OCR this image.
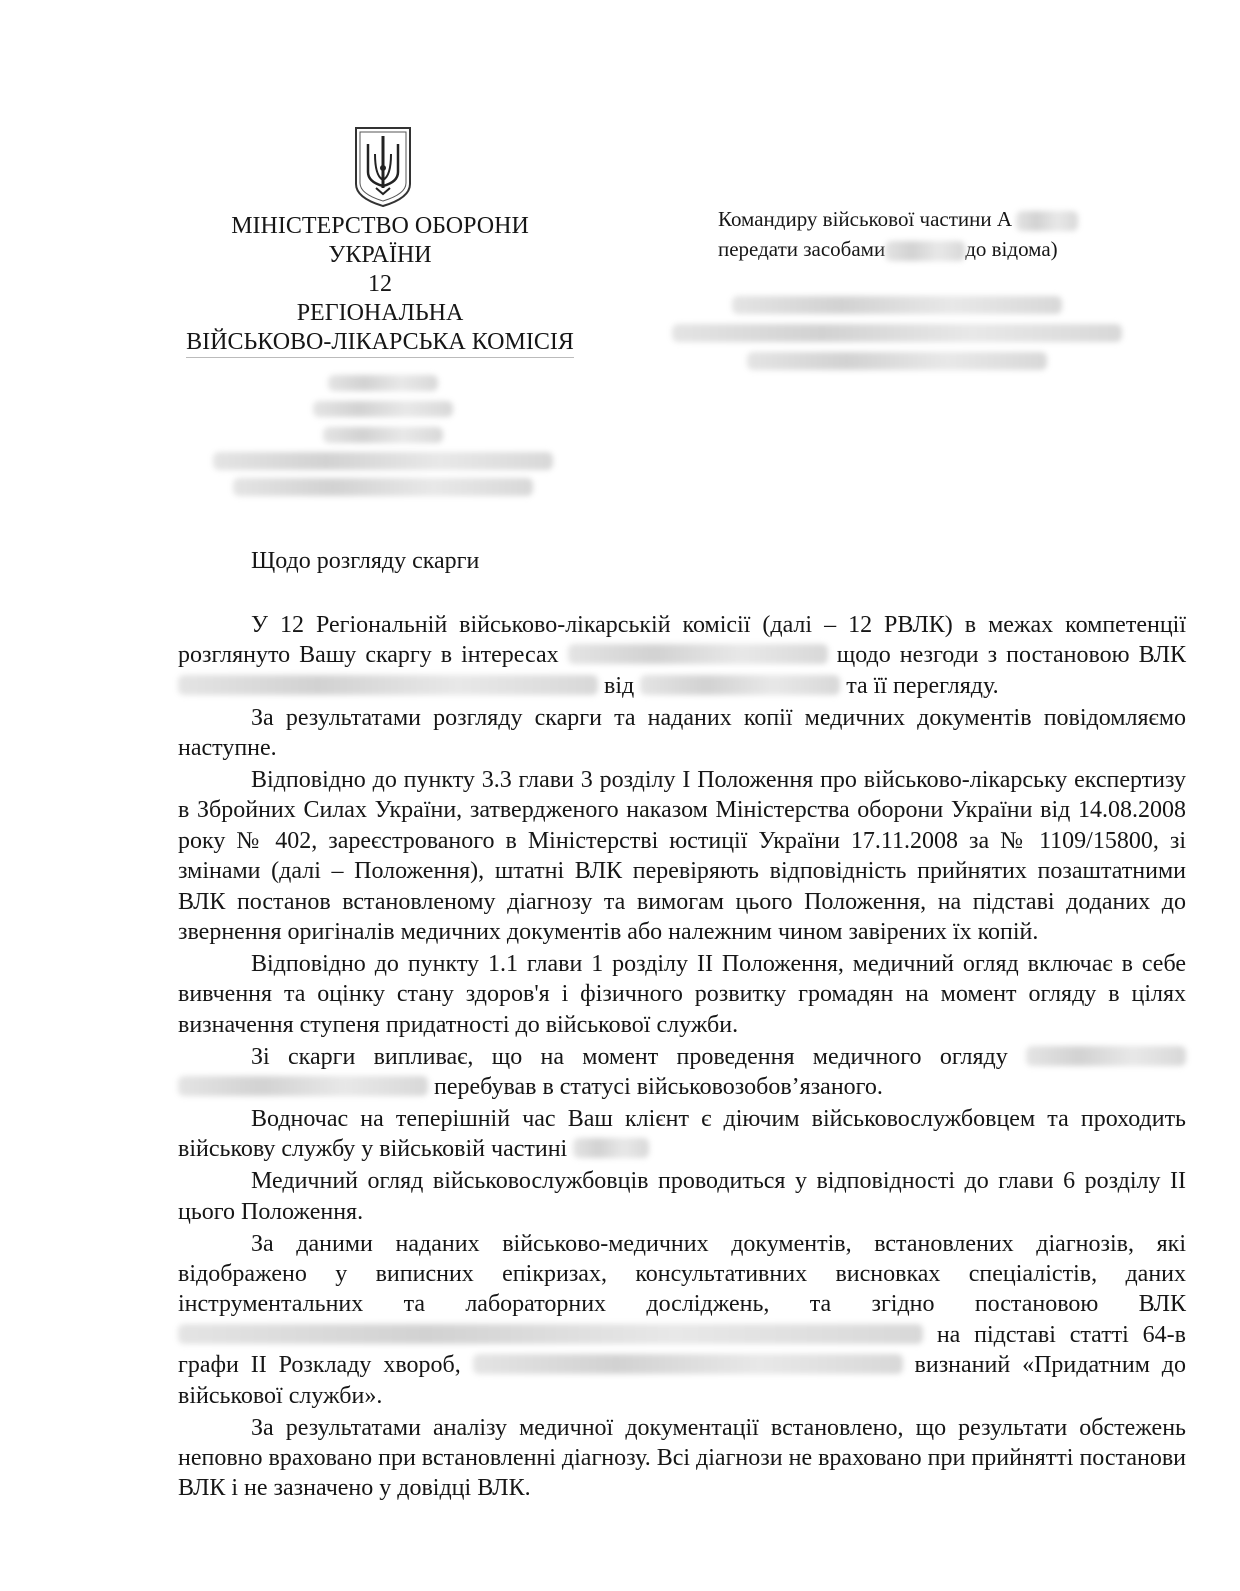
МІНІСТЕРСТВО ОБОРОНИ
УКРАЇНИ
12
РЕГІОНАЛЬНА
ВІЙСЬКОВО-ЛІКАРСЬКА КОМІСІЯ
Командиру військової частини А
передати засобами	до відома)
Щодо розгляду скарги

У 12 Регіональній військово-лікарській комісії (далі – 12 РВЛК) в межах компетенції розглянуто Вашу скаргу в інтересах	щодо незгоди з постановою ВЛК  від	та її перегляду.

За результатами розгляду скарги та наданих копії медичних документів повідомляємо наступне.

Відповідно до пункту 3.3 глави 3 розділу І Положення про військово-лікарську експертизу в Збройних Силах України, затвердженого наказом Міністерства оборони України від 14.08.2008 року № 402, зареєстрованого в Міністерстві юстиції України 17.11.2008 за № 1109/15800, зі змінами (далі – Положення), штатні ВЛК перевіряють відповідність прийнятих позаштатними ВЛК постанов встановленому діагнозу та вимогам цього Положення, на підставі доданих до звернення оригіналів медичних документів або належним чином завірених їх копій.

Відповідно до пункту 1.1 глави 1 розділу ІІ Положення, медичний огляд включає в себе вивчення та оцінку стану здоров'я і фізичного розвитку громадян на момент огляду в цілях визначення ступеня придатності до військової служби.

Зі скарги випливає, що на момент проведення медичного огляду   перебував в статусі військовозобов’язаного.

Водночас на теперішній час Ваш клієнт є діючим військовослужбовцем та проходить військову службу у військовій частині

Медичний огляд військовослужбовців проводиться у відповідності до глави 6 розділу ІІ цього Положення.

За даними наданих військово-медичних документів, встановлених діагнозів, які відображено у виписних епікризах, консультативних висновках спеціалістів, даних інструментальних та лабораторних досліджень, та згідно постановою ВЛК  на підставі статті 64-в графи ІІ Розкладу хвороб,	визнаний «Придатним до військової служби».

За результатами аналізу медичної документації встановлено, що результати обстежень неповно враховано при встановленні діагнозу. Всі діагнози не враховано при прийнятті постанови ВЛК і не зазначено у довідці ВЛК.
